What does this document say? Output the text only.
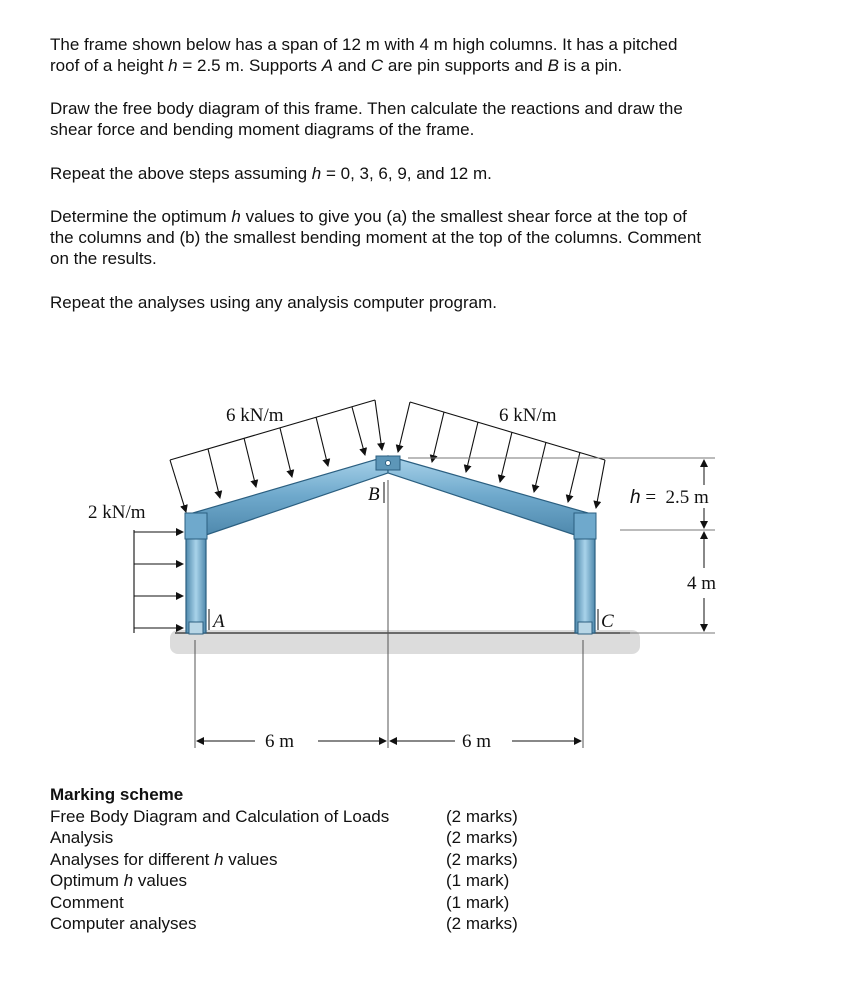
The frame shown below has a span of 12 m with 4 m high columns. It has a pitched
roof of a height h = 2.5 m. Supports A and C are pin supports and B is a pin.
Draw the free body diagram of this frame. Then calculate the reactions and draw the
shear force and bending moment diagrams of the frame.
Repeat the above steps assuming h = 0, 3, 6, 9, and 12 m.
Determine the optimum h values to give you (a) the smallest shear force at the top of
the columns and (b) the smallest bending moment at the top of the columns. Comment
on the results.
Repeat the analyses using any analysis computer program.
6 kN/m	6 kN/m
2 kN/m
B
A	C
h =  2.5 m
4 m
6 m	6 m
Marking scheme
Free Body Diagram and Calculation of Loads	(2 marks)
Analysis	(2 marks)
Analyses for different h values	(2 marks)
Optimum h values	(1 mark)
Comment	(1 mark)
Computer analyses	(2 marks)
